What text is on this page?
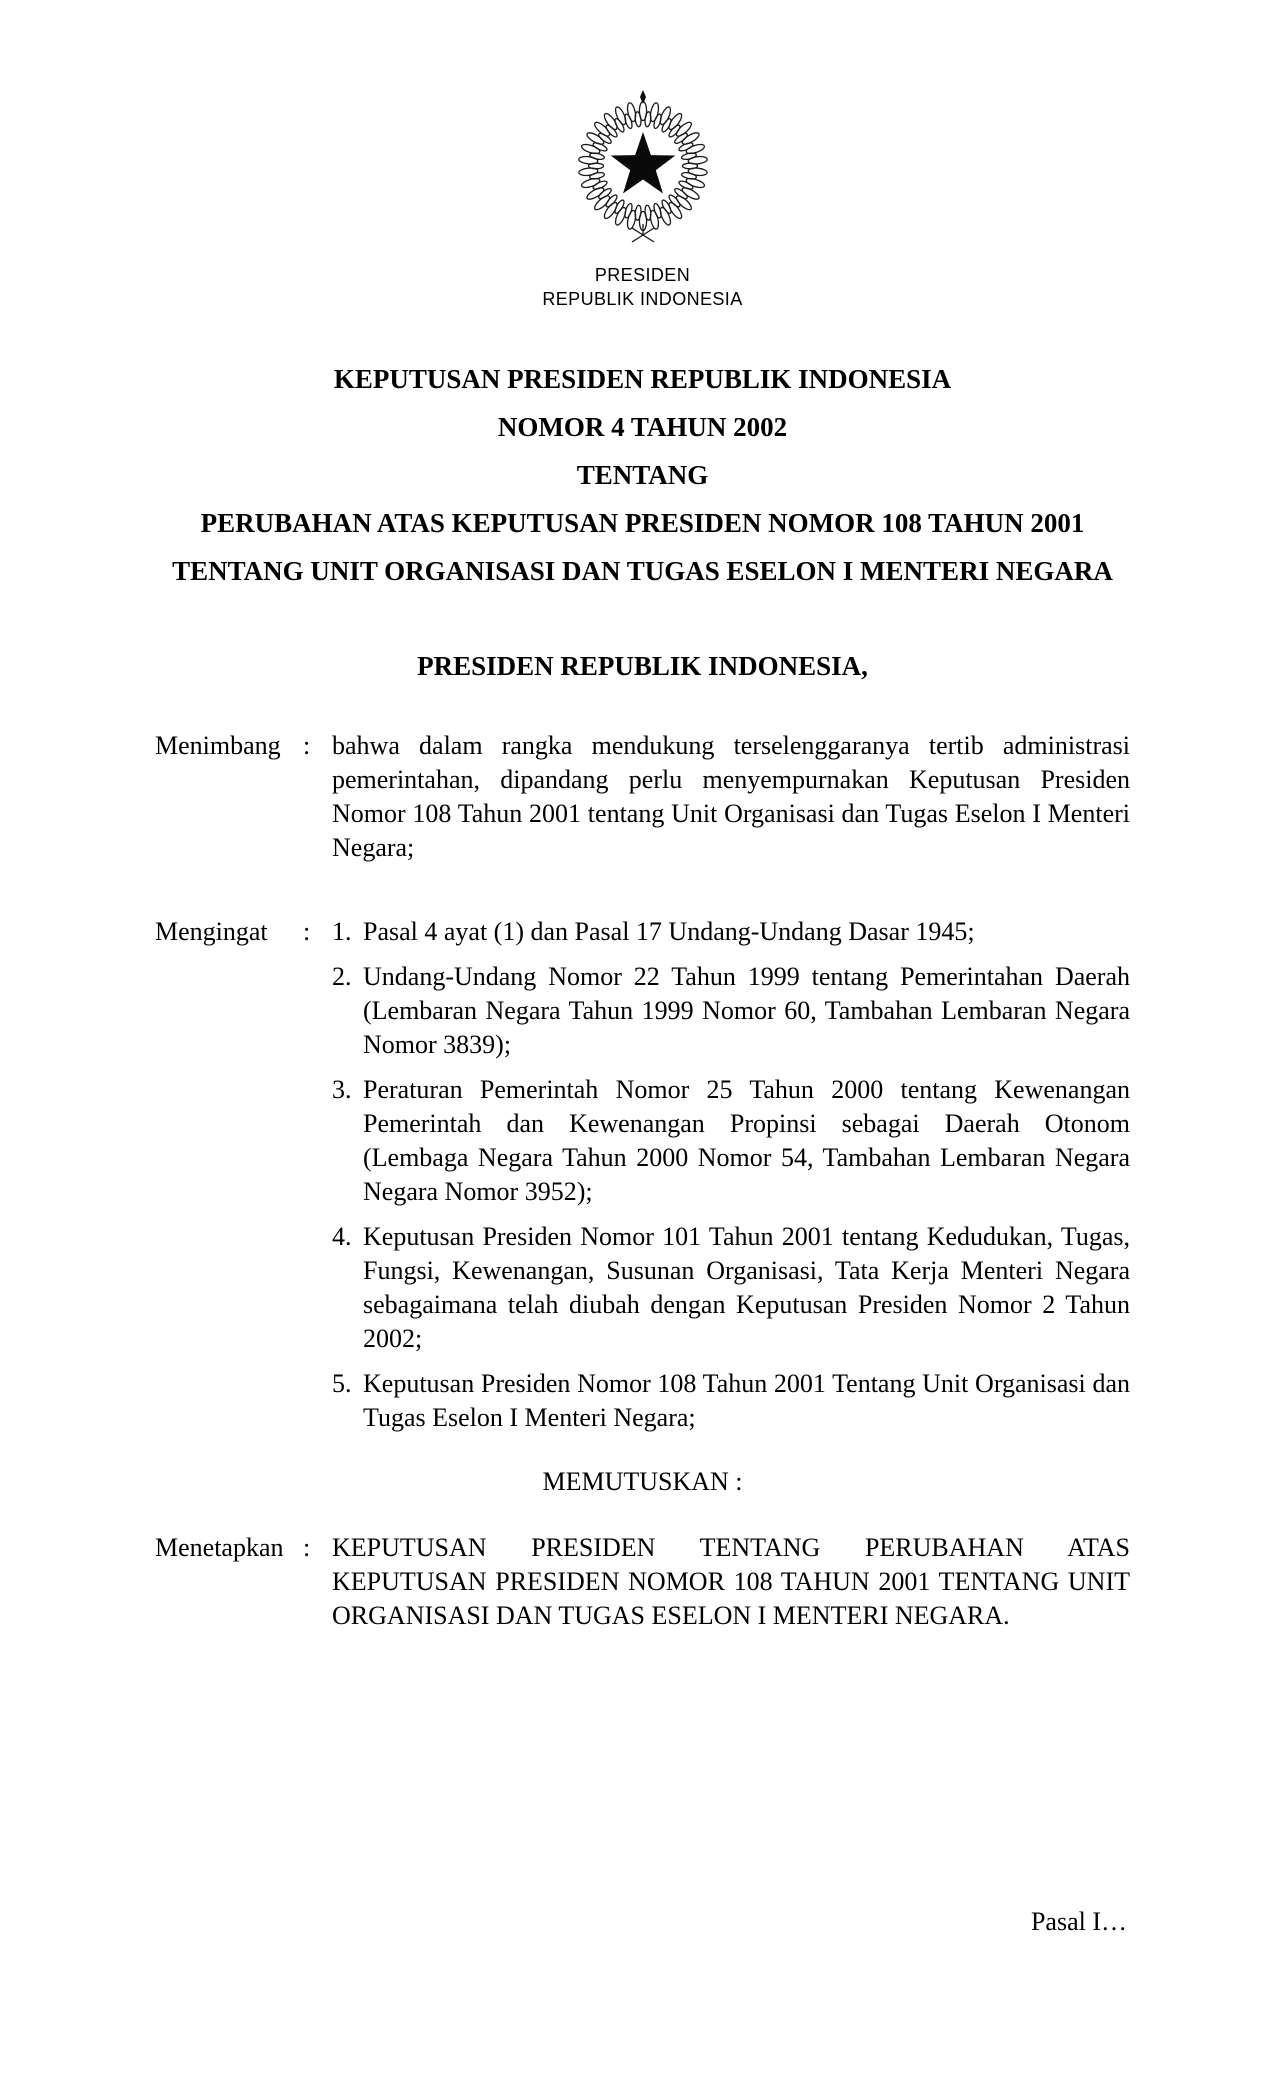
PRESIDEN
REPUBLIK INDONESIA
KEPUTUSAN PRESIDEN REPUBLIK INDONESIA
NOMOR 4 TAHUN 2002
TENTANG
PERUBAHAN ATAS KEPUTUSAN PRESIDEN NOMOR 108 TAHUN 2001
TENTANG UNIT ORGANISASI DAN TUGAS ESELON I MENTERI NEGARA
PRESIDEN REPUBLIK INDONESIA,
Menimbang : bahwa dalam rangka mendukung terselenggaranya tertib administrasi pemerintahan, dipandang perlu menyempurnakan Keputusan Presiden Nomor 108 Tahun 2001 tentang Unit Organisasi dan Tugas Eselon I Menteri Negara;
Mengingat	: 1. Pasal 4 ayat (1) dan Pasal 17 Undang-Undang Dasar 1945;
2. Undang-Undang Nomor 22 Tahun 1999 tentang Pemerintahan Daerah (Lembaran Negara Tahun 1999 Nomor 60, Tambahan Lembaran Negara Nomor 3839);
3. Peraturan Pemerintah Nomor 25 Tahun 2000 tentang Kewenangan Pemerintah dan Kewenangan Propinsi sebagai Daerah Otonom (Lembaga Negara Tahun 2000 Nomor 54, Tambahan Lembaran Negara Negara Nomor 3952);
4. Keputusan Presiden Nomor 101 Tahun 2001 tentang Kedudukan, Tugas, Fungsi, Kewenangan, Susunan Organisasi, Tata Kerja Menteri Negara sebagaimana telah diubah dengan Keputusan Presiden Nomor 2 Tahun 2002;
5. Keputusan Presiden Nomor 108 Tahun 2001 Tentang Unit Organisasi dan Tugas Eselon I Menteri Negara;
MEMUTUSKAN :
Menetapkan : KEPUTUSAN PRESIDEN TENTANG PERUBAHAN ATAS KEPUTUSAN PRESIDEN NOMOR 108 TAHUN 2001 TENTANG UNIT ORGANISASI DAN TUGAS ESELON I MENTERI NEGARA.
Pasal I…
